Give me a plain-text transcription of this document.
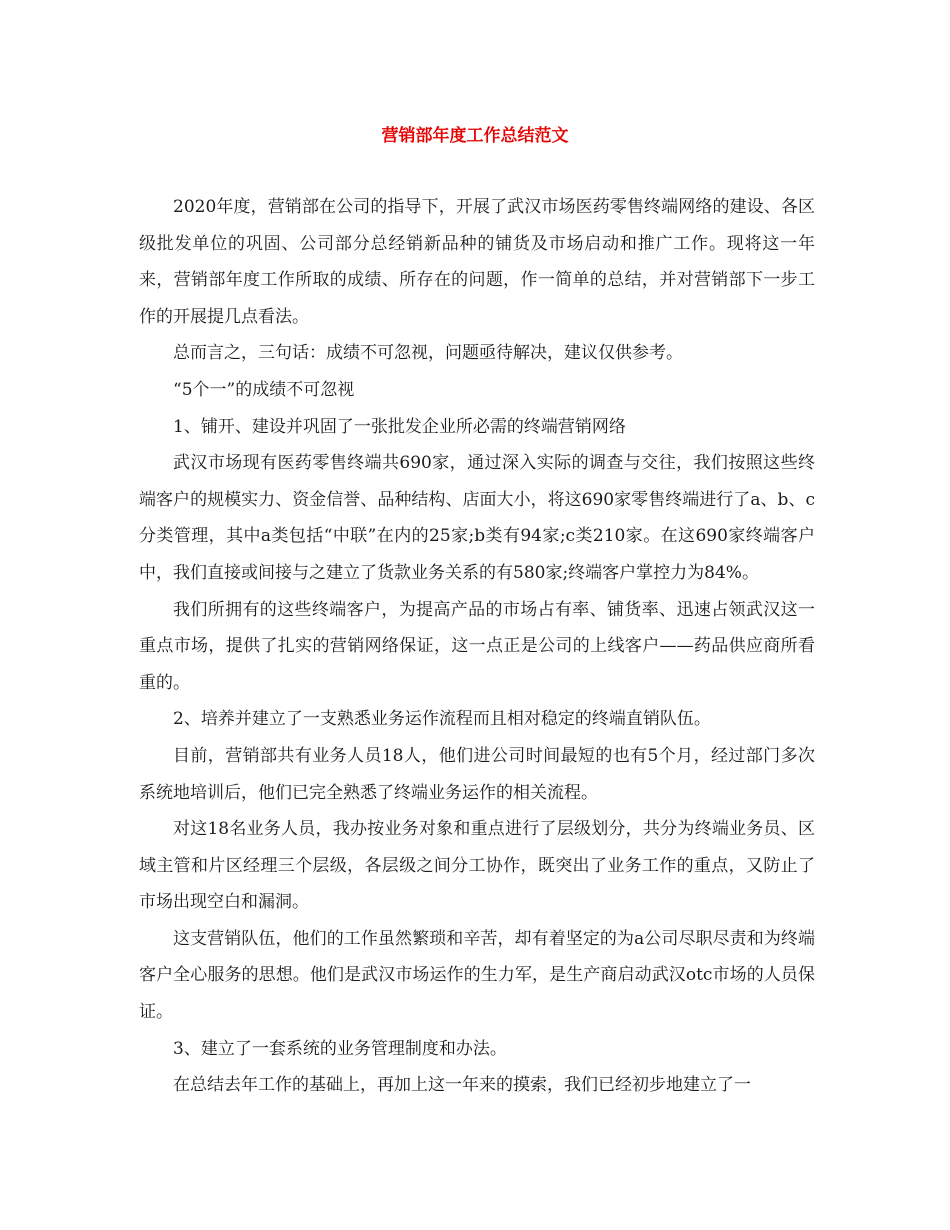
营销部年度工作总结范文

2020年度，营销部在公司的指导下，开展了武汉市场医药零售终端网络的建设、各区级批发单位的巩固、公司部分总经销新品种的铺货及市场启动和推广工作。现将这一年来，营销部年度工作所取的成绩、所存在的问题，作一简单的总结，并对营销部下一步工作的开展提几点看法。

总而言之，三句话：成绩不可忽视，问题亟待解决，建议仅供参考。

“5个一”的成绩不可忽视

1、铺开、建设并巩固了一张批发企业所必需的终端营销网络

武汉市场现有医药零售终端共690家，通过深入实际的调查与交往，我们按照这些终端客户的规模实力、资金信誉、品种结构、店面大小，将这690家零售终端进行了a、b、c分类管理，其中a类包括“中联”在内的25家;b类有94家;c类210家。在这690家终端客户中，我们直接或间接与之建立了货款业务关系的有580家;终端客户掌控力为84%。

我们所拥有的这些终端客户，为提高产品的市场占有率、铺货率、迅速占领武汉这一重点市场，提供了扎实的营销网络保证，这一点正是公司的上线客户——药品供应商所看重的。

2、培养并建立了一支熟悉业务运作流程而且相对稳定的终端直销队伍。

目前，营销部共有业务人员18人，他们进公司时间最短的也有5个月，经过部门多次系统地培训后，他们已完全熟悉了终端业务运作的相关流程。

对这18名业务人员，我办按业务对象和重点进行了层级划分，共分为终端业务员、区域主管和片区经理三个层级，各层级之间分工协作，既突出了业务工作的重点，又防止了市场出现空白和漏洞。

这支营销队伍，他们的工作虽然繁琐和辛苦，却有着坚定的为a公司尽职尽责和为终端客户全心服务的思想。他们是武汉市场运作的生力军，是生产商启动武汉otc市场的人员保证。

3、建立了一套系统的业务管理制度和办法。

在总结去年工作的基础上，再加上这一年来的摸索，我们已经初步地建立了一
